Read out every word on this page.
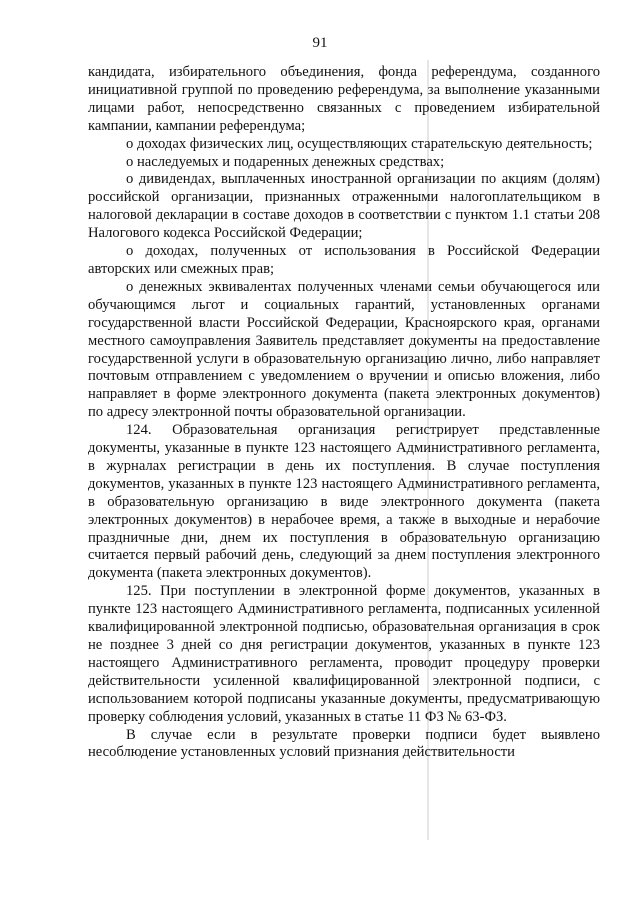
91

кандидата, избирательного объединения, фонда референдума, созданного инициативной группой по проведению референдума, за выполнение указанными лицами работ, непосредственно связанных с проведением избирательной кампании, кампании референдума;

о доходах физических лиц, осуществляющих старательскую деятельность;

о наследуемых и подаренных денежных средствах;

о дивидендах, выплаченных иностранной организации по акциям (долям) российской организации, признанных отраженными налогоплательщиком в налоговой декларации в составе доходов в соответствии с пунктом 1.1 статьи 208 Налогового кодекса Российской Федерации;

о доходах, полученных от использования в Российской Федерации авторских или смежных прав;

о денежных эквивалентах полученных членами семьи обучающегося или обучающимся льгот и социальных гарантий, установленных органами государственной власти Российской Федерации, Красноярского края, органами местного самоуправления Заявитель представляет документы на предоставление государственной услуги в образовательную организацию лично, либо направляет почтовым отправлением с уведомлением о вручении и описью вложения, либо направляет в форме электронного документа (пакета электронных документов) по адресу электронной почты образовательной организации.

124. Образовательная организация регистрирует представленные документы, указанные в пункте 123 настоящего Административного регламента, в журналах регистрации в день их поступления. В случае поступления документов, указанных в пункте 123 настоящего Административного регламента, в образовательную организацию в виде электронного документа (пакета электронных документов) в нерабочее время, а также в выходные и нерабочие праздничные дни, днем их поступления в образовательную организацию считается первый рабочий день, следующий за днем поступления электронного документа (пакета электронных документов).

125. При поступлении в электронной форме документов, указанных в пункте 123 настоящего Административного регламента, подписанных усиленной квалифицированной электронной подписью, образовательная организация в срок не позднее 3 дней со дня регистрации документов, указанных в пункте 123 настоящего Административного регламента, проводит процедуру проверки действительности усиленной квалифицированной электронной подписи, с использованием которой подписаны указанные документы, предусматривающую проверку соблюдения условий, указанных в статье 11 ФЗ № 63-ФЗ.

В случае если в результате проверки подписи будет выявлено несоблюдение установленных условий признания действительности
